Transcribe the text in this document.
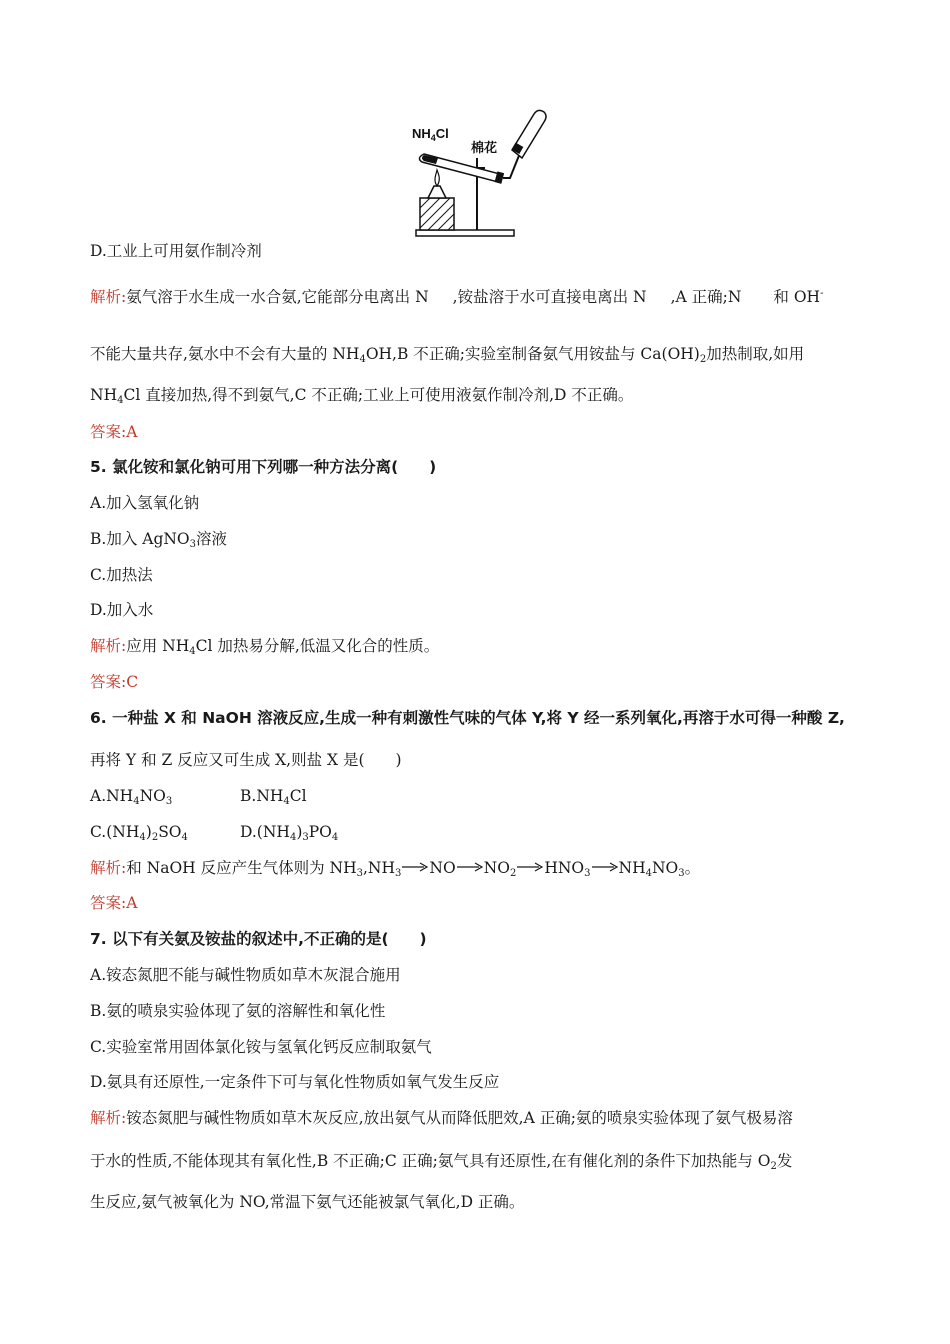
$NH_4Cl$
棉花
D.工业上可用氨作制冷剂
解析:氨气溶于水生成一水合氨,它能部分电离出 N ,铵盐溶于水可直接电离出 N ,A 正确;N 和 OH-
不能大量共存,氨水中不会有大量的 $NH_4OH,B$ 不正确;实验室制备氨气用铵盐与 $Ca(OH)_2$加热制取,如用
$NH_4Cl$ 直接加热,得不到氨气,C 不正确;工业上可使用液氨作制冷剂,D 不正确。
答案:A
5. 氯化铵和氯化钠可用下列哪一种方法分离(　　)
A.加入氢氧化钠
B.加入 AgNO$_3$溶液
C.加热法
D.加入水
解析:应用 $NH_4Cl$ 加热易分解,低温又化合的性质。
答案:C
6. 一种盐 X 和 NaOH 溶液反应,生成一种有刺激性气味的气体 Y,将 Y 经一系列氧化,再溶于水可得一种酸 Z,
再将 Y 和 Z 反应又可生成 X,则盐 X 是(　　)
$A.NH_4NO_3$	$B.NH_4Cl$
$C.(NH_4)_2SO_4$	$D.(NH_4)_3PO_4$
解析:和 NaOH 反应产生气体则为 $NH_3,NH_3 \to NO\to NO_2 \to HNO_3 \to NH_4NO_3$。
答案:A
7. 以下有关氨及铵盐的叙述中,不正确的是(　　)
A.铵态氮肥不能与碱性物质如草木灰混合施用
B.氨的喷泉实验体现了氨的溶解性和氧化性
C.实验室常用固体氯化铵与氢氧化钙反应制取氨气
D.氨具有还原性,一定条件下可与氧化性物质如氧气发生反应
解析:铵态氮肥与碱性物质如草木灰反应,放出氨气从而降低肥效,A 正确;氨的喷泉实验体现了氨气极易溶
于水的性质,不能体现其有氧化性,B 不正确;C 正确;氨气具有还原性,在有催化剂的条件下加热能与 $O_2$发
生反应,氨气被氧化为 NO,常温下氨气还能被氯气氧化,D 正确。
